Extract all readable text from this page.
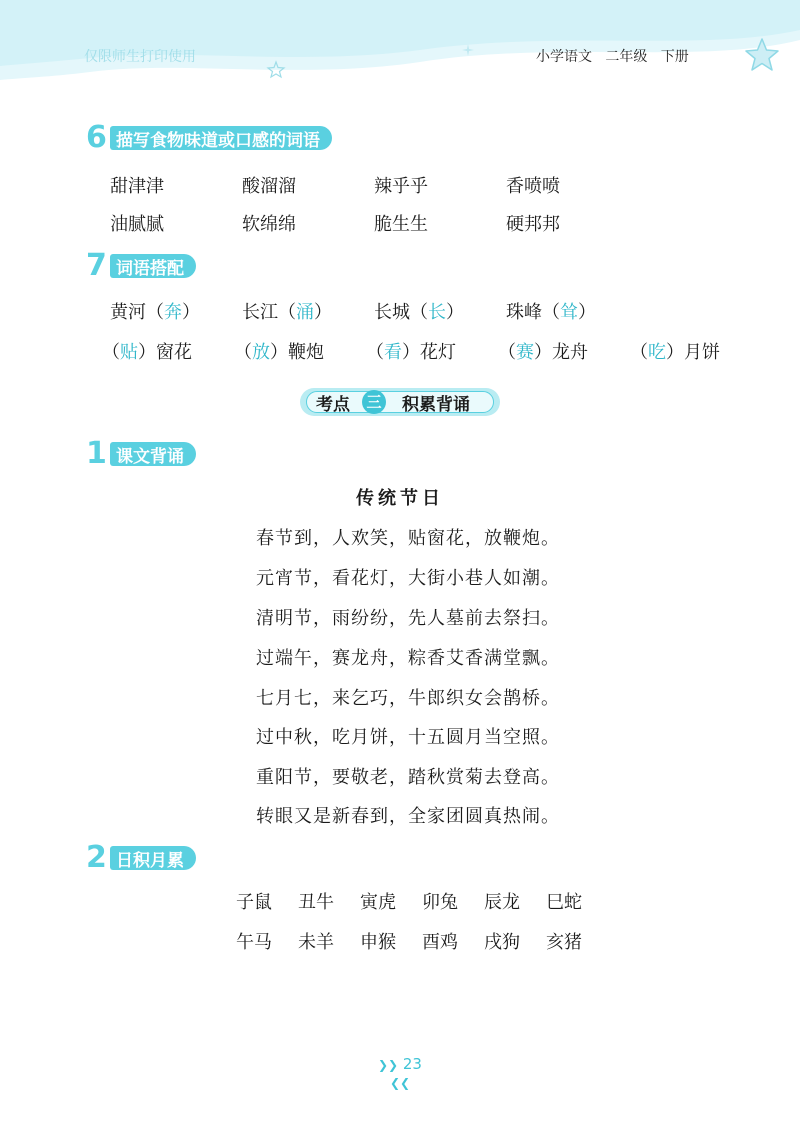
仅限师生打印使用	小学语文   二年级   下册
6 描写食物味道或口感的词语
甜津津	酸溜溜	辣乎乎	香喷喷
油腻腻	软绵绵	脆生生	硬邦邦
7 词语搭配
黄河（奔）	长江（涌）	长城（长）	珠峰（耸）
（贴）窗花	（放）鞭炮	（看）花灯	（赛）龙舟	（吃）月饼
考点 三 积累背诵
1 课文背诵
传统节日
春节到，人欢笑，贴窗花，放鞭炮。
元宵节，看花灯，大街小巷人如潮。
清明节，雨纷纷，先人墓前去祭扫。
过端午，赛龙舟，粽香艾香满堂飘。
七月七，来乞巧，牛郎织女会鹊桥。
过中秋，吃月饼，十五圆月当空照。
重阳节，要敬老，踏秋赏菊去登高。
转眼又是新春到，全家团圆真热闹。
2 日积月累
子鼠	丑牛	寅虎	卯兔	辰龙	巳蛇
午马	未羊	申猴	酉鸡	戌狗	亥猪
❯❯ 23 ❮❮
